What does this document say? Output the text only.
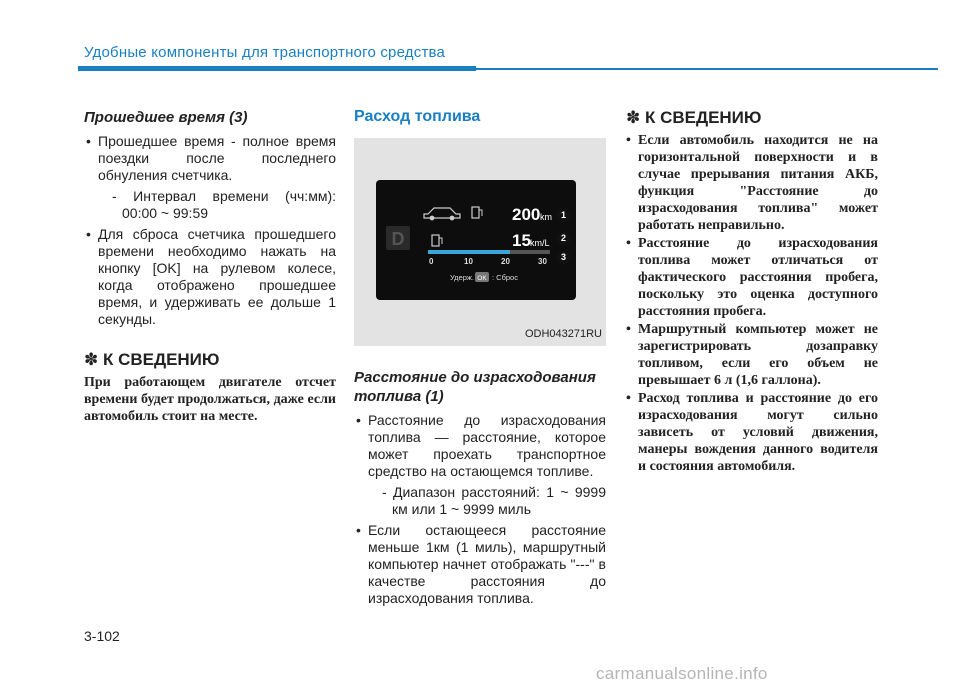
Удобные компоненты для транспортного средства
Прошедшее время (3)
• Прошедшее время - полное время поездки после последнего обнуления счетчика.
- Интервал времени (чч:мм): 00:00 ~ 99:59
• Для сброса счетчика прошедшего времени необходимо нажать на кнопку [OK] на рулевом колесе, когда отображено прошедшее время, и удерживать ее дольше 1 секунды.
✽ К СВЕДЕНИЮ

При работающем двигателе отсчет времени будет продолжаться, даже если автомобиль стоит на месте.

Расход топлива
D
200 km
15 km/L
0	10	20	30
Удерж. OK : Сброс
1
2
3
ODH043271RU
Расстояние до израсходования топлива (1)
• Расстояние до израсходования топлива — расстояние, которое может проехать транспортное средство на остающемся топливе.
- Диапазон расстояний: 1 ~ 9999 км или 1 ~ 9999 миль
• Если остающееся расстояние меньше 1км (1 миль), маршрутный компьютер начнет отображать "---" в качестве расстояния до израсходования топлива.
✽ К СВЕДЕНИЮ
• Если автомобиль находится не на горизонтальной поверхности и в случае прерывания питания АКБ, функция "Расстояние до израсходования топлива" может работать неправильно.
• Расстояние до израсходования топлива может отличаться от фактического расстояния пробега, поскольку это оценка доступного расстояния пробега.
• Маршрутный компьютер может не зарегистрировать дозаправку топливом, если его объем не превышает 6 л (1,6 галлона).
• Расход топлива и расстояние до его израсходования могут сильно зависеть от условий движения, манеры вождения данного водителя и состояния автомобиля.
3-102
carmanualsonline.info
